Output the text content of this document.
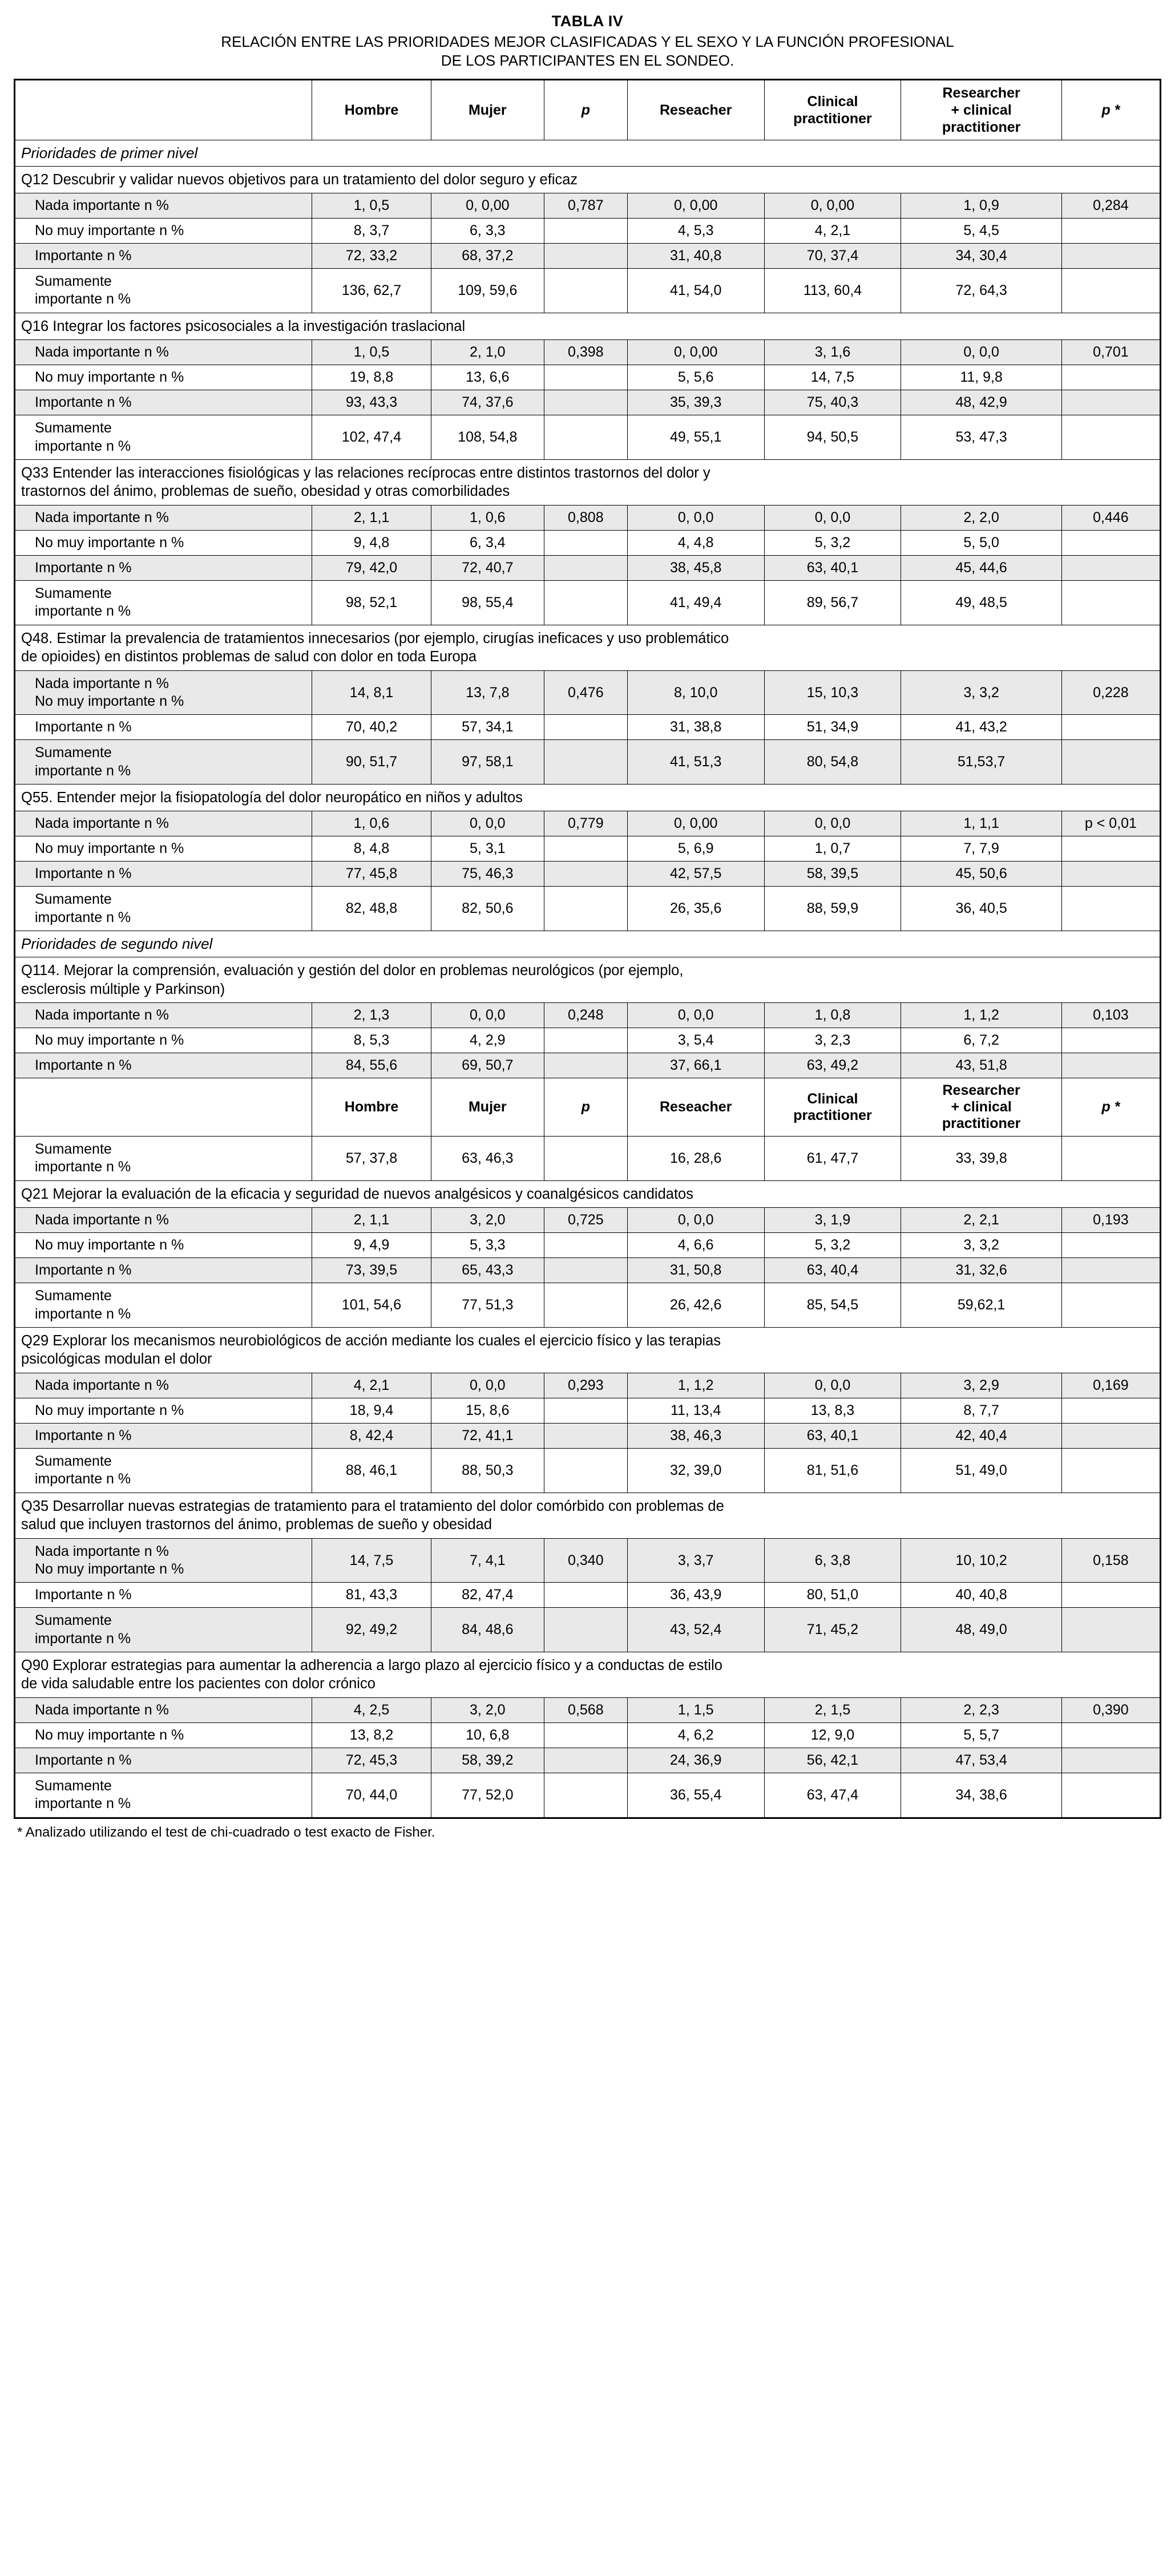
TABLA IV
RELACIÓN ENTRE LAS PRIORIDADES MEJOR CLASIFICADAS Y EL SEXO Y LA FUNCIÓN PROFESIONAL
DE LOS PARTICIPANTES EN EL SONDEO.
	Hombre	Mujer	p	Reseacher	Clinical
practitioner	Researcher
+ clinical
practitioner	p *
Prioridades de primer nivel							
Q12 Descubrir y validar nuevos objetivos para un tratamiento del dolor seguro y eficaz							
Nada importante n %	1, 0,5	0, 0,00	0,787	0, 0,00	0, 0,00	1, 0,9	0,284
No muy importante n %	8, 3,7	6, 3,3		4, 5,3	4, 2,1	5, 4,5	
Importante n %	72, 33,2	68, 37,2		31, 40,8	70, 37,4	34, 30,4	
Sumamente
importante n %	136, 62,7	109, 59,6		41, 54,0	113, 60,4	72, 64,3	
Q16 Integrar los factores psicosociales a la investigación traslacional							
Nada importante n %	1, 0,5	2, 1,0	0,398	0, 0,00	3, 1,6	0, 0,0	0,701
No muy importante n %	19, 8,8	13, 6,6		5, 5,6	14, 7,5	11, 9,8	
Importante n %	93, 43,3	74, 37,6		35, 39,3	75, 40,3	48, 42,9	
Sumamente
importante n %	102, 47,4	108, 54,8		49, 55,1	94, 50,5	53, 47,3	
Q33 Entender las interacciones fisiológicas y las relaciones recíprocas entre distintos trastornos del dolor y
trastornos del ánimo, problemas de sueño, obesidad y otras comorbilidades							
Nada importante n %	2, 1,1	1, 0,6	0,808	0, 0,0	0, 0,0	2, 2,0	0,446
No muy importante n %	9, 4,8	6, 3,4		4, 4,8	5, 3,2	5, 5,0	
Importante n %	79, 42,0	72, 40,7		38, 45,8	63, 40,1	45, 44,6	
Sumamente
importante n %	98, 52,1	98, 55,4		41, 49,4	89, 56,7	49, 48,5	
Q48. Estimar la prevalencia de tratamientos innecesarios (por ejemplo, cirugías ineficaces y uso problemático
de opioides) en distintos problemas de salud con dolor en toda Europa							
Nada importante n %
No muy importante n %	14, 8,1	13, 7,8	0,476	8, 10,0	15, 10,3	3, 3,2	0,228
Importante n %	70, 40,2	57, 34,1		31, 38,8	51, 34,9	41, 43,2	
Sumamente
importante n %	90, 51,7	97, 58,1		41, 51,3	80, 54,8	51,53,7	
Q55. Entender mejor la fisiopatología del dolor neuropático en niños y adultos							
Nada importante n %	1, 0,6	0, 0,0	0,779	0, 0,00	0, 0,0	1, 1,1	p < 0,01
No muy importante n %	8, 4,8	5, 3,1		5, 6,9	1, 0,7	7, 7,9	
Importante n %	77, 45,8	75, 46,3		42, 57,5	58, 39,5	45, 50,6	
Sumamente
importante n %	82, 48,8	82, 50,6		26, 35,6	88, 59,9	36, 40,5	
Prioridades de segundo nivel							
Q114. Mejorar la comprensión, evaluación y gestión del dolor en problemas neurológicos (por ejemplo,
esclerosis múltiple y Parkinson)							
Nada importante n %	2, 1,3	0, 0,0	0,248	0, 0,0	1, 0,8	1, 1,2	0,103
No muy importante n %	8, 5,3	4, 2,9		3, 5,4	3, 2,3	6, 7,2	
Importante n %	84, 55,6	69, 50,7		37, 66,1	63, 49,2	43, 51,8	
	Hombre	Mujer	p	Reseacher	Clinical
practitioner	Researcher
+ clinical
practitioner	p *
Sumamente
importante n %	57, 37,8	63, 46,3		16, 28,6	61, 47,7	33, 39,8	
Q21 Mejorar la evaluación de la eficacia y seguridad de nuevos analgésicos y coanalgésicos candidatos							
Nada importante n %	2, 1,1	3, 2,0	0,725	0, 0,0	3, 1,9	2, 2,1	0,193
No muy importante n %	9, 4,9	5, 3,3		4, 6,6	5, 3,2	3, 3,2	
Importante n %	73, 39,5	65, 43,3		31, 50,8	63, 40,4	31, 32,6	
Sumamente
importante n %	101, 54,6	77, 51,3		26, 42,6	85, 54,5	59,62,1	
Q29 Explorar los mecanismos neurobiológicos de acción mediante los cuales el ejercicio físico y las terapias
psicológicas modulan el dolor							
Nada importante n %	4, 2,1	0, 0,0	0,293	1, 1,2	0, 0,0	3, 2,9	0,169
No muy importante n %	18, 9,4	15, 8,6		11, 13,4	13, 8,3	8, 7,7	
Importante n %	8, 42,4	72, 41,1		38, 46,3	63, 40,1	42, 40,4	
Sumamente
importante n %	88, 46,1	88, 50,3		32, 39,0	81, 51,6	51, 49,0	
Q35 Desarrollar nuevas estrategias de tratamiento para el tratamiento del dolor comórbido con problemas de
salud que incluyen trastornos del ánimo, problemas de sueño y obesidad							
Nada importante n %
No muy importante n %	14, 7,5	7, 4,1	0,340	3, 3,7	6, 3,8	10, 10,2	0,158
Importante n %	81, 43,3	82, 47,4		36, 43,9	80, 51,0	40, 40,8	
Sumamente
importante n %	92, 49,2	84, 48,6		43, 52,4	71, 45,2	48, 49,0	
Q90 Explorar estrategias para aumentar la adherencia a largo plazo al ejercicio físico y a conductas de estilo
de vida saludable entre los pacientes con dolor crónico							
Nada importante n %	4, 2,5	3, 2,0	0,568	1, 1,5	2, 1,5	2, 2,3	0,390
No muy importante n %	13, 8,2	10, 6,8		4, 6,2	12, 9,0	5, 5,7	
Importante n %	72, 45,3	58, 39,2		24, 36,9	56, 42,1	47, 53,4	
Sumamente
importante n %	70, 44,0	77, 52,0		36, 55,4	63, 47,4	34, 38,6	
* Analizado utilizando el test de chi-cuadrado o test exacto de Fisher.
